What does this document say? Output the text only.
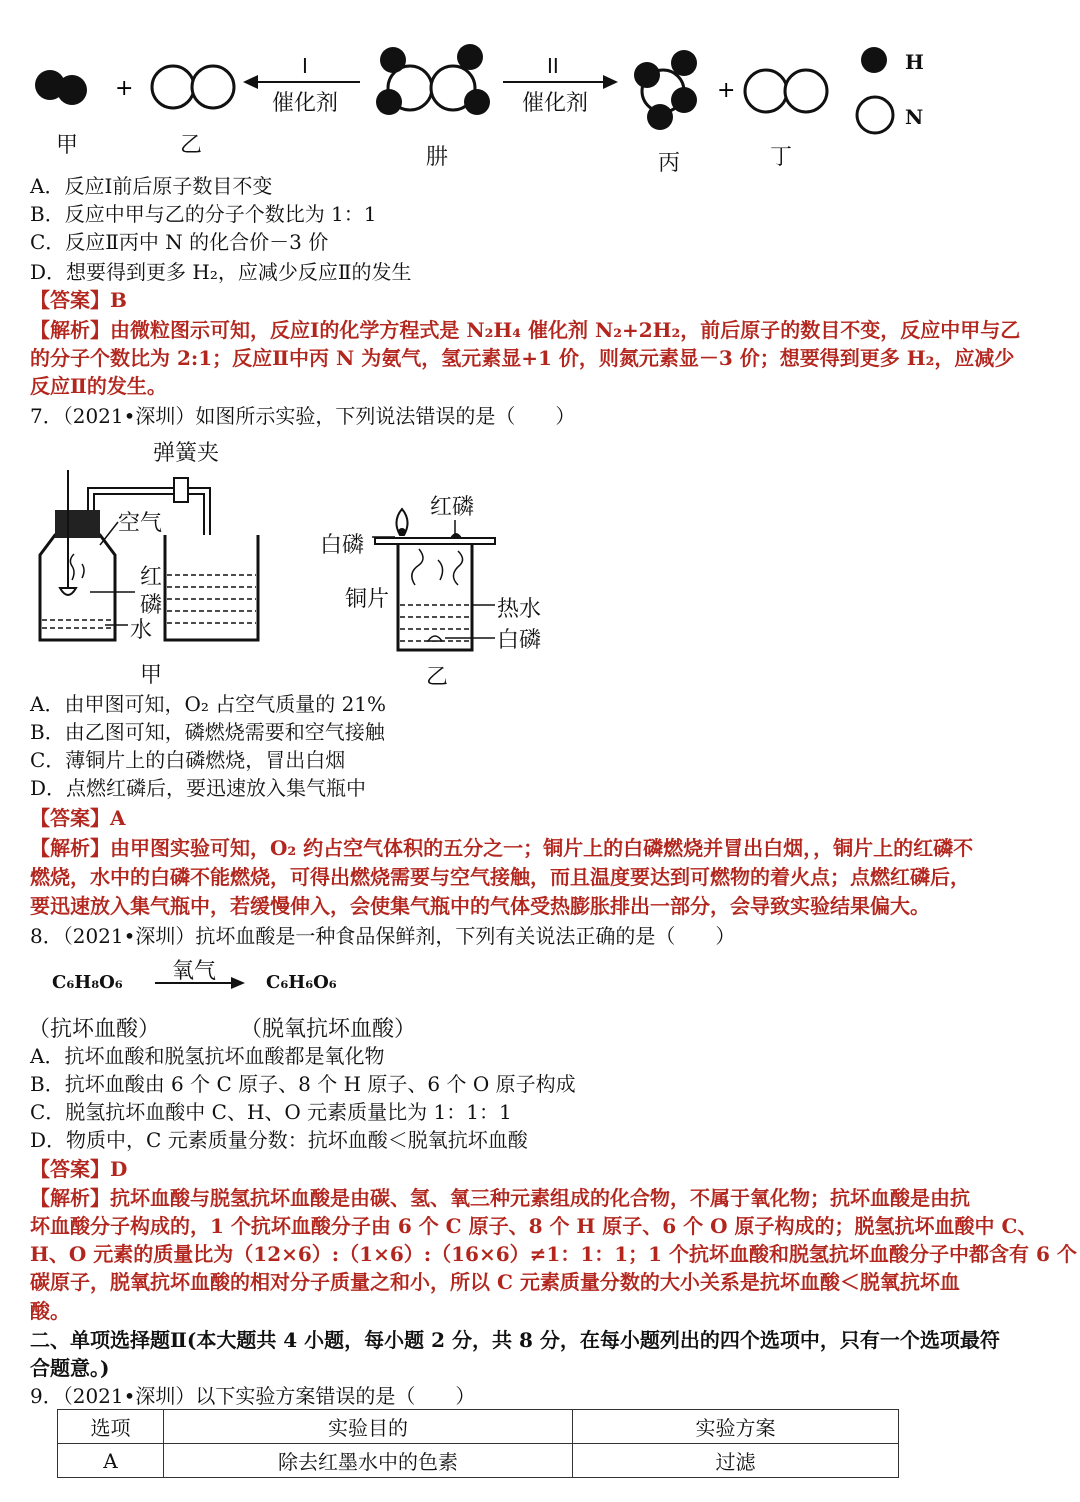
+	+
H
N
I
催化剂
II
催化剂
甲	乙	肼	丙	丁
A．反应Ⅰ前后原子数目不变
B．反应中甲与乙的分子个数比为 1：1
C．反应Ⅱ丙中 N 的化合价－3 价
D．想要得到更多 H₂，应减少反应Ⅱ的发生
【答案】B
【解析】由微粒图示可知，反应Ⅰ的化学方程式是 N₂H₄ 催化剂 N₂+2H₂，前后原子的数目不变，反应中甲与乙
的分子个数比为 2:1；反应Ⅱ中丙 N 为氨气，氢元素显+1 价，则氮元素显－3 价；想要得到更多 H₂，应减少
反应Ⅱ的发生。
7．（2021•深圳）如图所示实验，下列说法错误的是（　　）
弹簧夹
空气
红
磷
水
甲
红磷
白磷
铜片	热水
白磷
乙
A．由甲图可知，O₂ 占空气质量的 21%
B．由乙图可知，磷燃烧需要和空气接触
C．薄铜片上的白磷燃烧，冒出白烟
D．点燃红磷后，要迅速放入集气瓶中
【答案】A
【解析】由甲图实验可知，O₂ 约占空气体积的五分之一；铜片上的白磷燃烧并冒出白烟，，铜片上的红磷不
燃烧，水中的白磷不能燃烧，可得出燃烧需要与空气接触，而且温度要达到可燃物的着火点；点燃红磷后，
要迅速放入集气瓶中，若缓慢伸入，会使集气瓶中的气体受热膨胀排出一部分，会导致实验结果偏大。
8．（2021•深圳）抗坏血酸是一种食品保鲜剂，下列有关说法正确的是（　　）
C₆H₈O₆ 氧气	C₆H₆O₆
（抗坏血酸）	（脱氧抗坏血酸）
A．抗坏血酸和脱氢抗坏血酸都是氧化物
B．抗坏血酸由 6 个 C 原子、8 个 H 原子、6 个 O 原子构成
C．脱氢抗坏血酸中 C、H、O 元素质量比为 1：1：1
D．物质中，C 元素质量分数：抗坏血酸＜脱氧抗坏血酸
【答案】D
【解析】抗坏血酸与脱氢抗坏血酸是由碳、氢、氧三种元素组成的化合物，不属于氧化物；抗坏血酸是由抗
坏血酸分子构成的，1 个抗坏血酸分子由 6 个 C 原子、8 个 H 原子、6 个 O 原子构成的；脱氢抗坏血酸中 C、
H、O 元素的质量比为（12×6）:（1×6）:（16×6）≠1：1：1；1 个抗坏血酸和脱氢抗坏血酸分子中都含有 6 个
碳原子，脱氧抗坏血酸的相对分子质量之和小，所以 C 元素质量分数的大小关系是抗坏血酸＜脱氧抗坏血
酸。
二、单项选择题Ⅱ(本大题共 4 小题，每小题 2 分，共 8 分，在每小题列出的四个选项中，只有一个选项最符
合题意。)
9．（2021•深圳）以下实验方案错误的是（　　）
选项	实验目的	实验方案
A	除去红墨水中的色素	过滤
